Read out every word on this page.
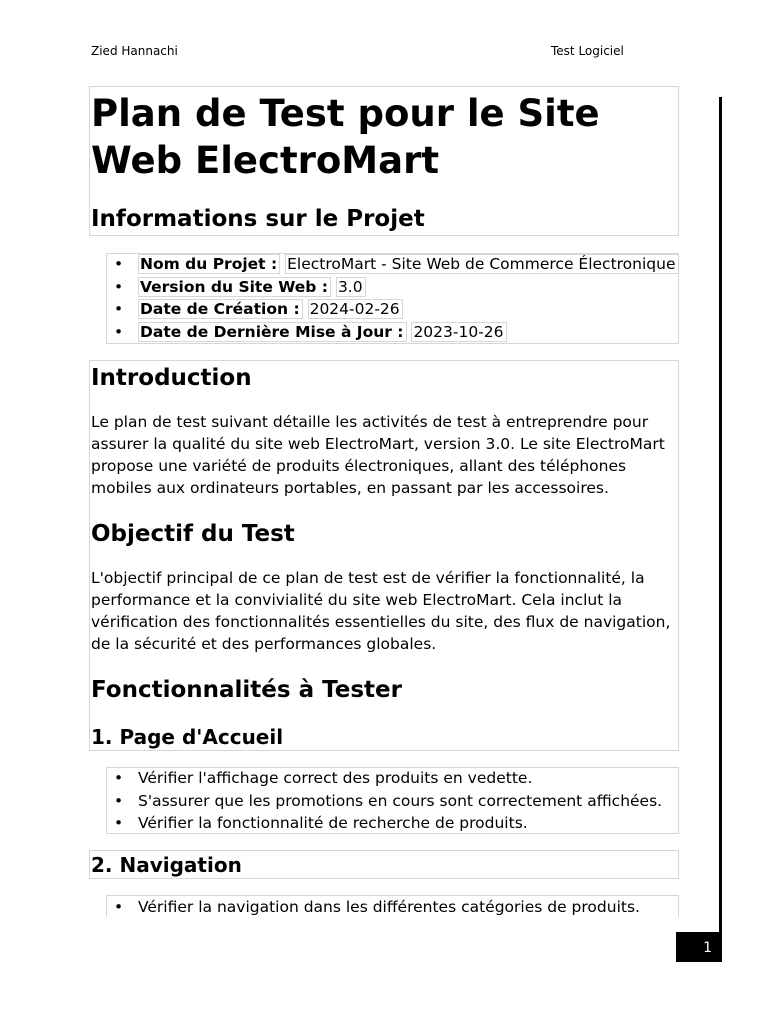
Zied Hannachi	Test Logiciel
Plan de Test pour le Site Web ElectroMart
Informations sur le Projet
• Nom du Projet : ElectroMart - Site Web de Commerce Électronique
• Version du Site Web : 3.0
• Date de Création : 2024-02-26
• Date de Dernière Mise à Jour : 2023-10-26
Introduction

Le plan de test suivant détaille les activités de test à entreprendre pour assurer la qualité du site web ElectroMart, version 3.0. Le site ElectroMart propose une variété de produits électroniques, allant des téléphones mobiles aux ordinateurs portables, en passant par les accessoires.

Objectif du Test

L'objectif principal de ce plan de test est de vérifier la fonctionnalité, la performance et la convivialité du site web ElectroMart. Cela inclut la vérification des fonctionnalités essentielles du site, des flux de navigation, de la sécurité et des performances globales.

Fonctionnalités à Tester
1. Page d'Accueil
• Vérifier l'affichage correct des produits en vedette.
• S'assurer que les promotions en cours sont correctement affichées.
• Vérifier la fonctionnalité de recherche de produits.
2. Navigation
• Vérifier la navigation dans les différentes catégories de produits.
1
